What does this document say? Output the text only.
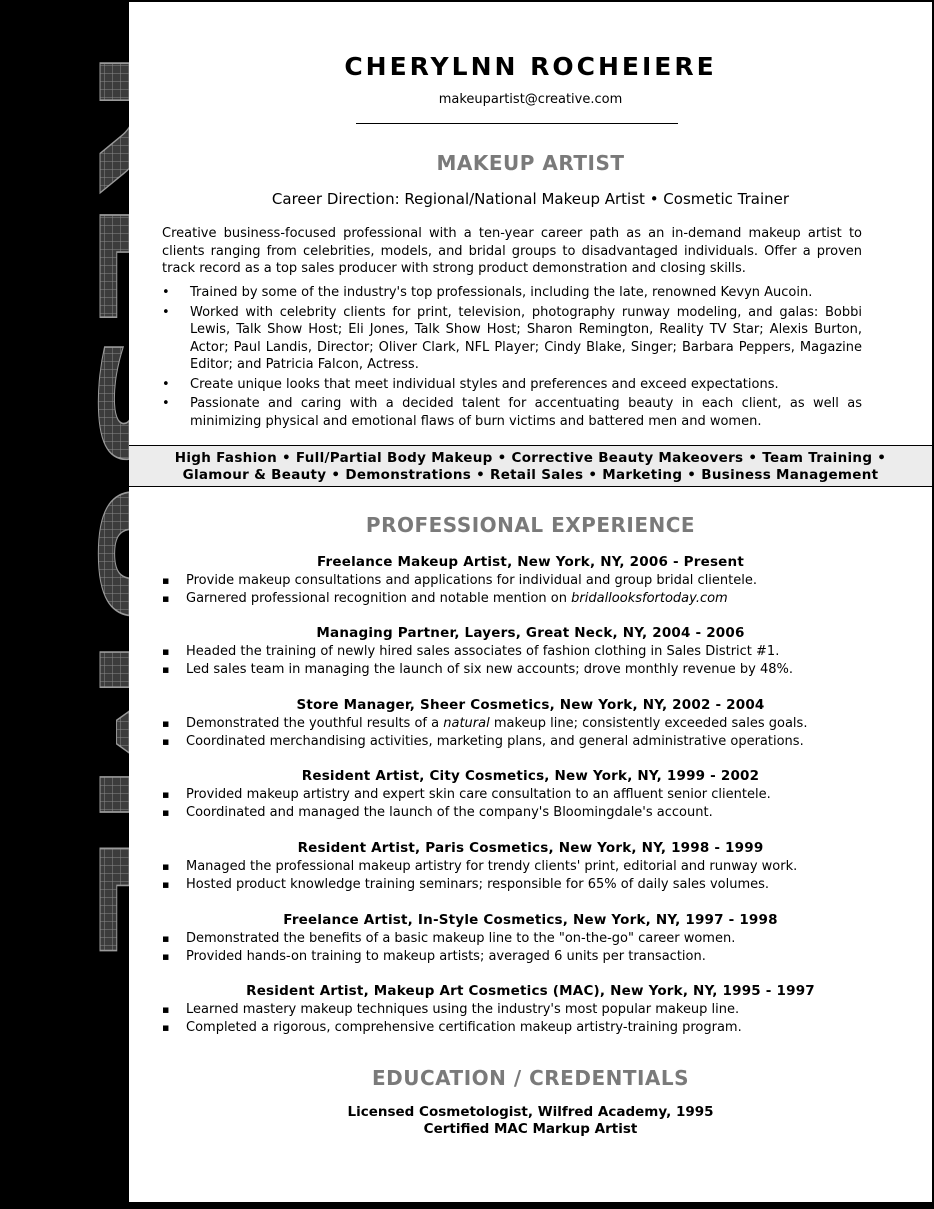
CHERYLNN ROCHEIERE
makeupartist@creative.com
MAKEUP ARTIST
Career Direction: Regional/National Makeup Artist • Cosmetic Trainer
Creative business-focused professional with a ten-year career path as an in-demand makeup artist to clients ranging from celebrities, models, and bridal groups to disadvantaged individuals. Offer a proven track record as a top sales producer with strong product demonstration and closing skills.
• Trained by some of the industry's top professionals, including the late, renowned Kevyn Aucoin.
• Worked with celebrity clients for print, television, photography runway modeling, and galas: Bobbi Lewis, Talk Show Host; Eli Jones, Talk Show Host; Sharon Remington, Reality TV Star; Alexis Burton, Actor; Paul Landis, Director; Oliver Clark, NFL Player; Cindy Blake, Singer; Barbara Peppers, Magazine Editor; and Patricia Falcon, Actress.
• Create unique looks that meet individual styles and preferences and exceed expectations.
• Passionate and caring with a decided talent for accentuating beauty in each client, as well as minimizing physical and emotional flaws of burn victims and battered men and women.
High Fashion • Full/Partial Body Makeup • Corrective Beauty Makeovers • Team Training •
Glamour & Beauty • Demonstrations • Retail Sales • Marketing • Business Management
PROFESSIONAL EXPERIENCE
Freelance Makeup Artist, New York, NY, 2006 - Present
▪ Provide makeup consultations and applications for individual and group bridal clientele.
▪ Garnered professional recognition and notable mention on bridallooksfortoday.com
Managing Partner, Layers, Great Neck, NY, 2004 - 2006
▪ Headed the training of newly hired sales associates of fashion clothing in Sales District #1.
▪ Led sales team in managing the launch of six new accounts; drove monthly revenue by 48%.
Store Manager, Sheer Cosmetics, New York, NY, 2002 - 2004
▪ Demonstrated the youthful results of a natural makeup line; consistently exceeded sales goals.
▪ Coordinated merchandising activities, marketing plans, and general administrative operations.
Resident Artist, City Cosmetics, New York, NY, 1999 - 2002
▪ Provided makeup artistry and expert skin care consultation to an affluent senior clientele.
▪ Coordinated and managed the launch of the company's Bloomingdale's account.
Resident Artist, Paris Cosmetics, New York, NY, 1998 - 1999
▪ Managed the professional makeup artistry for trendy clients' print, editorial and runway work.
▪ Hosted product knowledge training seminars; responsible for 65% of daily sales volumes.
Freelance Artist, In-Style Cosmetics, New York, NY, 1997 - 1998
▪ Demonstrated the benefits of a basic makeup line to the "on-the-go" career women.
▪ Provided hands-on training to makeup artists; averaged 6 units per transaction.
Resident Artist, Makeup Art Cosmetics (MAC), New York, NY, 1995 - 1997
▪ Learned mastery makeup techniques using the industry's most popular makeup line.
▪ Completed a rigorous, comprehensive certification makeup artistry-training program.
EDUCATION / CREDENTIALS
Licensed Cosmetologist, Wilfred Academy, 1995
Certified MAC Markup Artist
